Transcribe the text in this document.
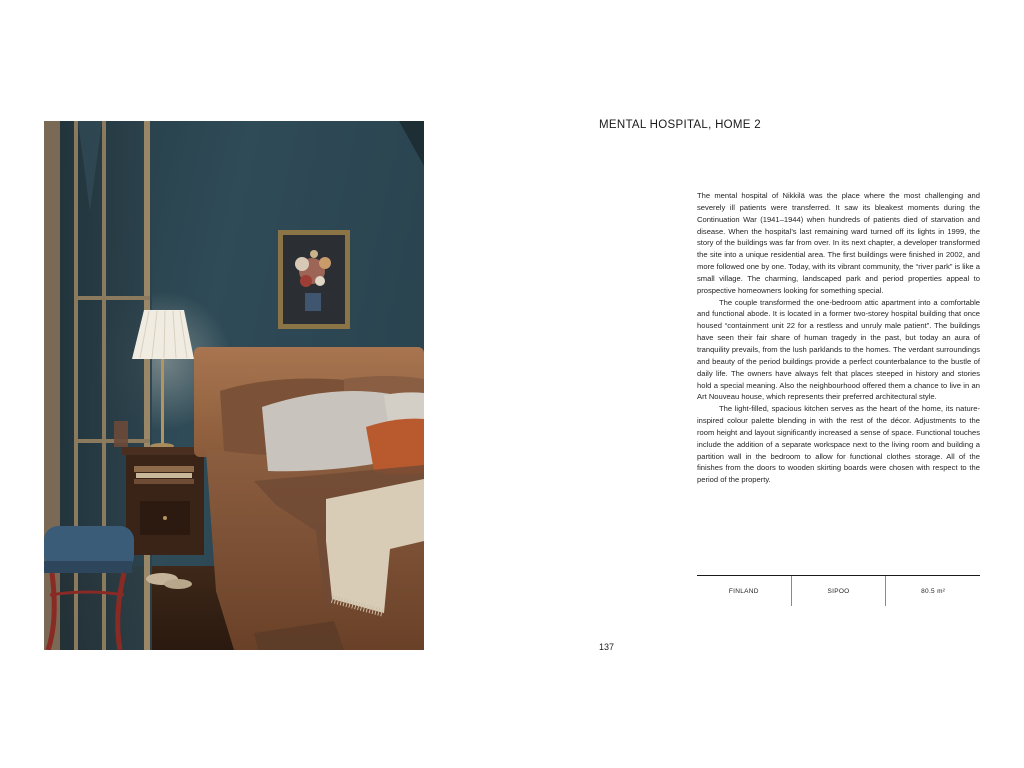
MENTAL HOSPITAL, HOME 2

The mental hospital of Nikkilä was the place where the most challenging and severely ill patients were transferred. It saw its bleakest moments during the Continuation War (1941–1944) when hundreds of patients died of starvation and disease. When the hospital’s last remaining ward turned off its lights in 1999, the story of the buildings was far from over. In its next chapter, a developer transformed the site into a unique residential area. The first buildings were finished in 2002, and more followed one by one. Today, with its vibrant community, the “river park” is like a small village. The charming, landscaped park and period properties appeal to prospective homeowners looking for something special.

The couple transformed the one-bedroom attic apartment into a comfortable and functional abode. It is located in a former two-storey hospital building that once housed “containment unit 22 for a restless and unruly male patient”. The buildings have seen their fair share of human tragedy in the past, but today an aura of tranquility prevails, from the lush parklands to the homes. The verdant surroundings and beauty of the period buildings provide a perfect counterbalance to the bustle of daily life. The owners have always felt that places steeped in history and stories hold a special meaning. Also the neighbourhood offered them a chance to live in an Art Nouveau house, which represents their preferred architectural style.

The light-filled, spacious kitchen serves as the heart of the home, its nature-inspired colour palette blending in with the rest of the décor. Adjustments to the room height and layout significantly increased a sense of space. Functional touches include the addition of a separate workspace next to the living room and building a partition wall in the bedroom to allow for functional clothes storage. All of the finishes from the doors to wooden skirting boards were chosen with respect to the period of the property.

FINLAND	SIPOO	80.5 m²
137
